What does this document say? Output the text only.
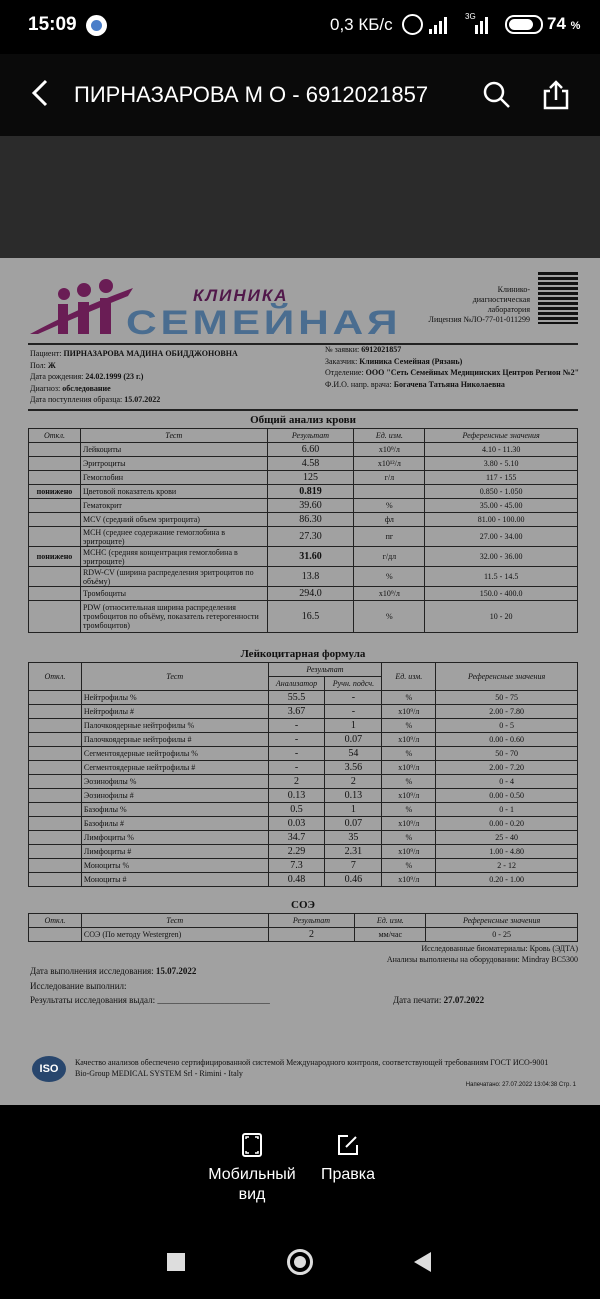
15:09	0,3 КБ/с	3G	74 %
ПИРНАЗАРОВА М О - 6912021857
КЛИНИКА
СЕМЕЙНАЯ
Клинико-
диагностическая
лаборатория
Лицензия №ЛО-77-01-011299
Пациент: ПИРНАЗАРОВА МАДИНА ОБИДДЖОНОВНА
Пол: Ж
Дата рождения: 24.02.1999 (23 г.)
Диагноз: обследование
Дата поступления образца: 15.07.2022
№ заявки: 6912021857
Заказчик: Клиника Семейная (Рязань)
Отделение: ООО "Сеть Семейных Медицинских Центров Регион №2"
Ф.И.О. напр. врача: Богачева Татьяна Николаевна
Общий анализ крови
Откл.	Тест	Результат	Ед. изм.	Референсные значения
	Лейкоциты	6.60	x10⁹/л	4.10 - 11.30
	Эритроциты	4.58	x10¹²/л	3.80 - 5.10
	Гемоглобин	125	г/л	117 - 155
понижено	Цветовой показатель крови	0.819		0.850 - 1.050
	Гематокрит	39.60	%	35.00 - 45.00
	MCV (средний объем эритроцита)	86.30	фл	81.00 - 100.00
	MCH (среднее содержание гемоглобина в эритроците)	27.30	пг	27.00 - 34.00
понижено	MCHC (средняя концентрация гемоглобина в эритроците)	31.60	г/дл	32.00 - 36.00
	RDW-CV (ширина распределения эритроцитов по объёму)	13.8	%	11.5 - 14.5
	Тромбоциты	294.0	x10⁹/л	150.0 - 400.0
	PDW (относительная ширина распределения тромбоцитов по объёму, показатель гетерогенности тромбоцитов)	16.5	%	10 - 20
Лейкоцитарная формула
Откл.	Тест	Результат		Ед. изм.	Референсные значения
		Анализатор	Ручн. подсч.		
	Нейтрофилы %	55.5	-	%	50 - 75
	Нейтрофилы #	3.67	-	x10⁹/л	2.00 - 7.80
	Палочкоядерные нейтрофилы %	-	1	%	0 - 5
	Палочкоядерные нейтрофилы #	-	0.07	x10⁹/л	0.00 - 0.60
	Сегментоядерные нейтрофилы %	-	54	%	50 - 70
	Сегментоядерные нейтрофилы #	-	3.56	x10⁹/л	2.00 - 7.20
	Эозинофилы %	2	2	%	0 - 4
	Эозинофилы #	0.13	0.13	x10⁹/л	0.00 - 0.50
	Базофилы %	0.5	1	%	0 - 1
	Базофилы #	0.03	0.07	x10⁹/л	0.00 - 0.20
	Лимфоциты %	34.7	35	%	25 - 40
	Лимфоциты #	2.29	2.31	x10⁹/л	1.00 - 4.80
	Моноциты %	7.3	7	%	2 - 12
	Моноциты #	0.48	0.46	x10⁹/л	0.20 - 1.00
СОЭ
Откл.	Тест	Результат	Ед. изм.	Референсные значения
	СОЭ (По методу Westergren)	2	мм/час	0 - 25
Исследованные биоматериалы: Кровь (ЭДТА)
Анализы выполнены на оборудовании: Mindray BC5300
Дата выполнения исследования: 15.07.2022
Исследование выполнил:
Результаты исследования выдал: _________________________	Дата печати: 27.07.2022
ISO
Качество анализов обеспечено сертифицированной системой Международного контроля, соответствующей требованиям ГОСТ ИСО-9001 Bio-Group MEDICAL SYSTEM Srl - Rimini - Italy
Напечатано: 27.07.2022 13:04:38 Стр. 1
Мобильный вид
Правка
